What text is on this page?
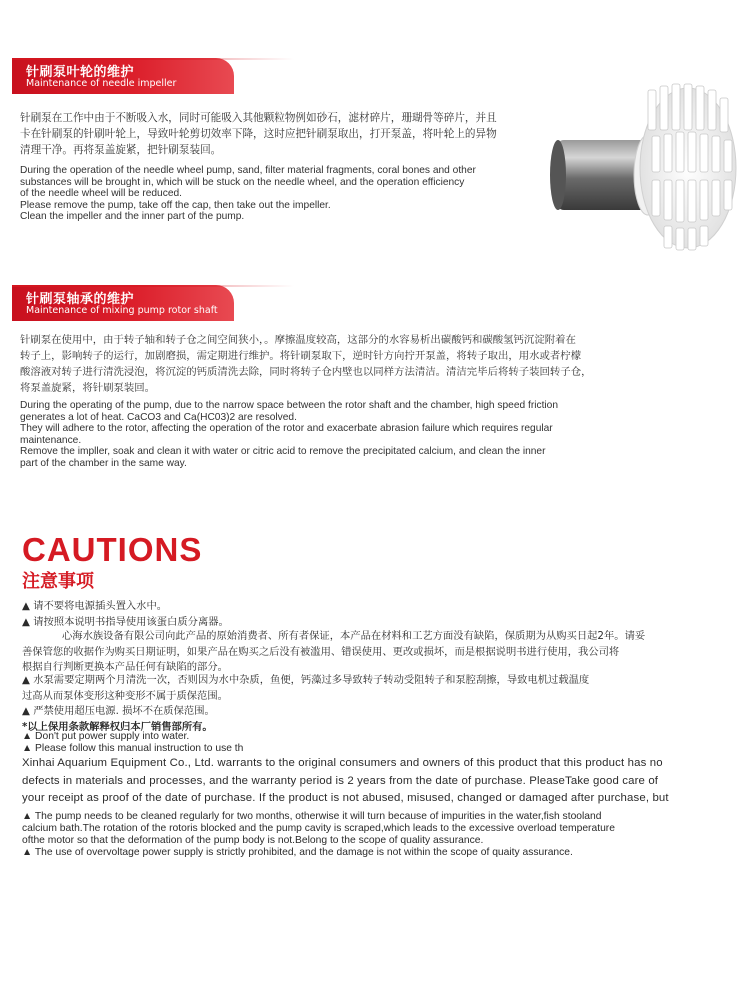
针刷泵叶轮的维护
Maintenance of needle impeller
针刷泵在工作中由于不断吸入水，同时可能吸入其他颗粒物例如砂石，滤材碎片，珊瑚骨等碎片，并且
卡在针刷泵的针刷叶轮上，导致叶轮剪切效率下降，这时应把针刷泵取出，打开泵盖，将叶轮上的异物
清理干净。再将泵盖旋紧，把针刷泵装回。
During the operation of the needle wheel pump, sand, filter material fragments, coral bones and other
substances will be brought in, which will be stuck on the needle wheel, and the operation efficiency
of the needle wheel will be reduced.
Please remove the pump, take off the cap, then take out the impeller.
Clean the impeller and the inner part of the pump.
针刷泵轴承的维护
Maintenance of mixing pump rotor shaft
针刷泵在使用中，由于转子轴和转子仓之间空间狭小，。摩擦温度较高，这部分的水容易析出碳酸钙和碳酸氢钙沉淀附着在
转子上，影响转子的运行，加剧磨损，需定期进行维护。将针刷泵取下，逆时针方向拧开泵盖，将转子取出，用水或者柠檬
酸溶液对转子进行清洗浸泡，将沉淀的钙质清洗去除，同时将转子仓内壁也以同样方法清洁。清洁完毕后将转子装回转子仓，
将泵盖旋紧，将针刷泵装回。
During the operating of the pump, due to the narrow space between the rotor shaft and the chamber, high speed friction
generates a lot of heat. CaCO3 and Ca(HC03)2 are resolved.
They will adhere to the rotor, affecting the operation of the rotor and exacerbate abrasion failure which requires regular
maintenance.
Remove the impller, soak and clean it with water or citric acid to remove the precipitated calcium, and clean the inner
part of the chamber in the same way.
CAUTIONS
注意事项
▲ 请不要将电源插头置入水中。
▲ 请按照本说明书指导使用该蛋白质分离器。
心海水族设备有限公司向此产品的原始消费者、所有者保证，本产品在材料和工艺方面没有缺陷，保质期为从购买日起2年。请妥
善保管您的收据作为购买日期证明，如果产品在购买之后没有被滥用、错误使用、更改或损坏，而是根据说明书进行使用，我公司将
根据自行判断更换本产品任何有缺陷的部分。
▲ 水泵需要定期两个月清洗一次，否则因为水中杂质，鱼便，钙藻过多导致转子转动受阻转子和泵腔刮擦，导致电机过载温度
过高从而泵体变形这种变形不属于质保范围。
▲ 严禁使用超压电源. 损坏不在质保范围。
*以上保用条款解释权归本厂销售部所有。
▲ Don't put power supply into water.
▲ Please follow this manual instruction to use th
Xinhai Aquarium Equipment Co., Ltd. warrants to the original consumers and owners of this product that this product has no
defects in materials and processes, and the warranty period is 2 years from the date of purchase. PleaseTake good care of
your receipt as proof of the date of purchase. If the product is not abused, misused, changed or damaged after purchase, but
▲ The pump needs to be cleaned regularly for two months, otherwise it will turn because of impurities in the water,fish stooland
calcium bath.The rotation of the rotoris blocked and the pump cavity is scraped,which leads to the excessive overload temperature
ofthe motor so that the deformation of the pump body is not.Belong to the scope of quality assurance.
▲ The use of overvoltage power supply is strictly prohibited, and the damage is not within the scope of quaity assurance.
